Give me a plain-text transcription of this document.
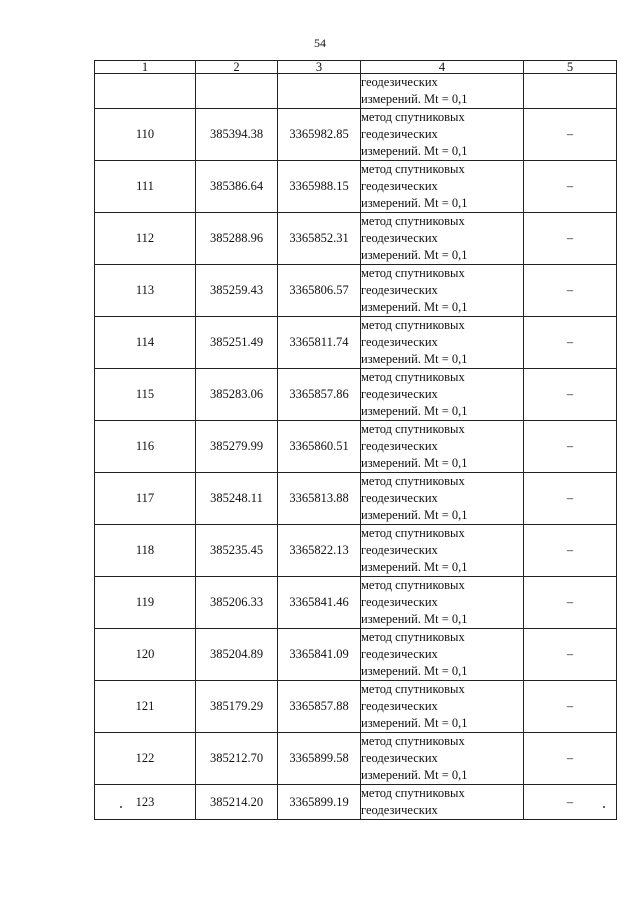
54
1	2	3	4	5
			геодезических
измерений. Mt = 0,1	
110	385394.38	3365982.85	метод спутниковых
геодезических
измерений. Mt = 0,1	–
111	385386.64	3365988.15	метод спутниковых
геодезических
измерений. Mt = 0,1	–
112	385288.96	3365852.31	метод спутниковых
геодезических
измерений. Mt = 0,1	–
113	385259.43	3365806.57	метод спутниковых
геодезических
измерений. Mt = 0,1	–
114	385251.49	3365811.74	метод спутниковых
геодезических
измерений. Mt = 0,1	–
115	385283.06	3365857.86	метод спутниковых
геодезических
измерений. Mt = 0,1	–
116	385279.99	3365860.51	метод спутниковых
геодезических
измерений. Mt = 0,1	–
117	385248.11	3365813.88	метод спутниковых
геодезических
измерений. Mt = 0,1	–
118	385235.45	3365822.13	метод спутниковых
геодезических
измерений. Mt = 0,1	–
119	385206.33	3365841.46	метод спутниковых
геодезических
измерений. Mt = 0,1	–
120	385204.89	3365841.09	метод спутниковых
геодезических
измерений. Mt = 0,1	–
121	385179.29	3365857.88	метод спутниковых
геодезических
измерений. Mt = 0,1	–
122	385212.70	3365899.58	метод спутниковых
геодезических
измерений. Mt = 0,1	–
123	385214.20	3365899.19	метод спутниковых
геодезических	–
